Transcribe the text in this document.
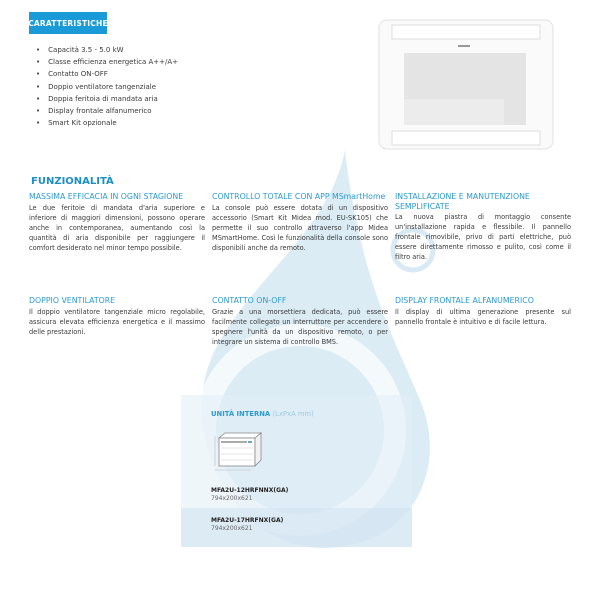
CARATTERISTICHE
• Capacità 3.5 - 5.0 kW
• Classe efficienza energetica A++/A+
• Contatto ON-OFF
• Doppio ventilatore tangenziale
• Doppia feritoia di mandata aria
• Display frontale alfanumerico
• Smart Kit opzionale
FUNZIONALITÀ
MASSIMA EFFICACIA IN OGNI STAGIONE

Le due feritoie di mandata d'aria superiore e inferiore di maggiori dimensioni, possono operare anche in contemporanea, aumentando così la quantità di aria disponibile per raggiungere il comfort desiderato nel minor tempo possibile.

CONTROLLO TOTALE CON APP MSmartHome

La console può essere dotata di un dispositivo accessorio (Smart Kit Midea mod. EU-SK105) che permette il suo controllo attraverso l'app Midea MSmartHome. Così le funzionalità della console sono disponibili anche da remoto.

INSTALLAZIONE E MANUTENZIONE SEMPLIFICATE

La nuova piastra di montaggio consente un'installazione rapida e flessibile. Il pannello frontale rimovibile, privo di parti elettriche, può essere direttamente rimosso e pulito, così come il filtro aria.

DOPPIO VENTILATORE

Il doppio ventilatore tangenziale micro regolabile, assicura elevata efficienza energetica e il massimo delle prestazioni.

CONTATTO ON-OFF

Grazie a una morsettiera dedicata, può essere facilmente collegato un interruttore per accendere o spegnere l'unità da un dispositivo remoto, o per integrare un sistema di controllo BMS.

DISPLAY FRONTALE ALFANUMERICO

Il display di ultima generazione presente sul pannello frontale è intuitivo e di facile lettura.

UNITÀ INTERNA (LxPxA mm)
MFA2U-12HRFNNX(GA)
794x200x621
MFA2U-17HRFNX(GA)
794x200x621
